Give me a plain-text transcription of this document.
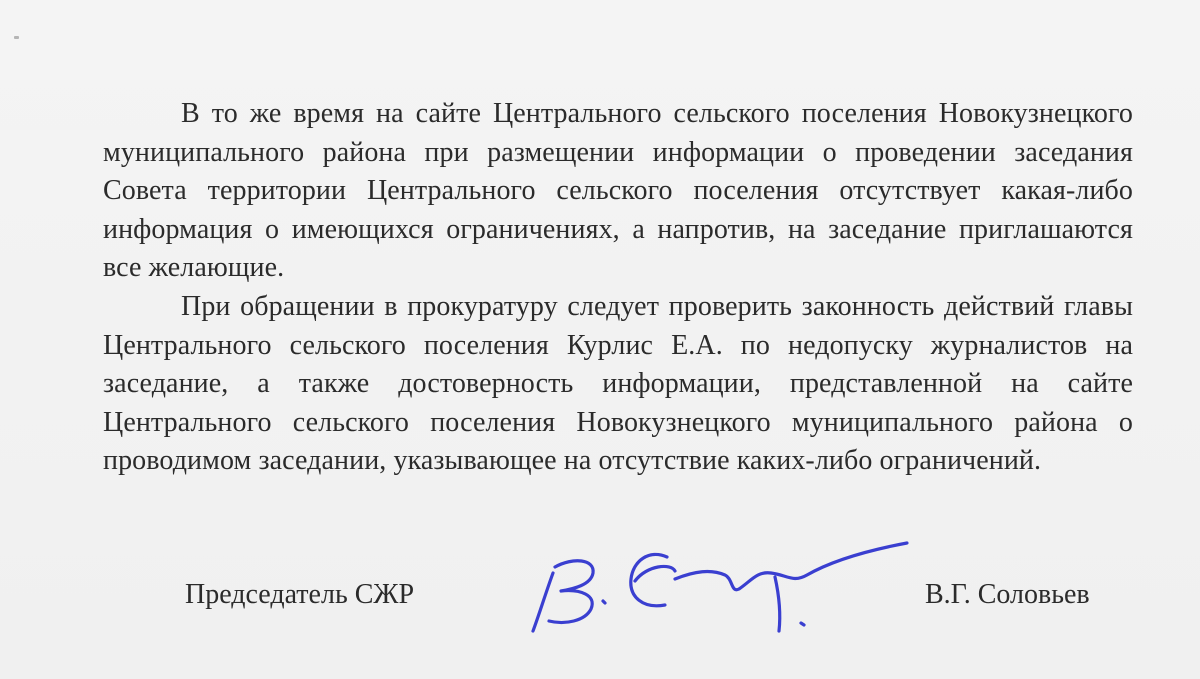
В то же время на сайте Центрального сельского поселения Новокузнецкого муниципального района при размещении информации о проведении заседания Совета территории Центрального сельского поселения отсутствует какая-либо информация о имеющихся ограничениях, а напротив, на заседание приглашаются все желающие.

При обращении в прокуратуру следует проверить законность действий главы Центрального сельского поселения Курлис Е.А. по недопуску журналистов на заседание, а также достоверность информации, представленной на сайте Центрального сельского поселения Новокузнецкого муниципального района о проводимом заседании, указывающее на отсутствие каких-либо ограничений.

Председатель СЖР	В.Г. Соловьев
